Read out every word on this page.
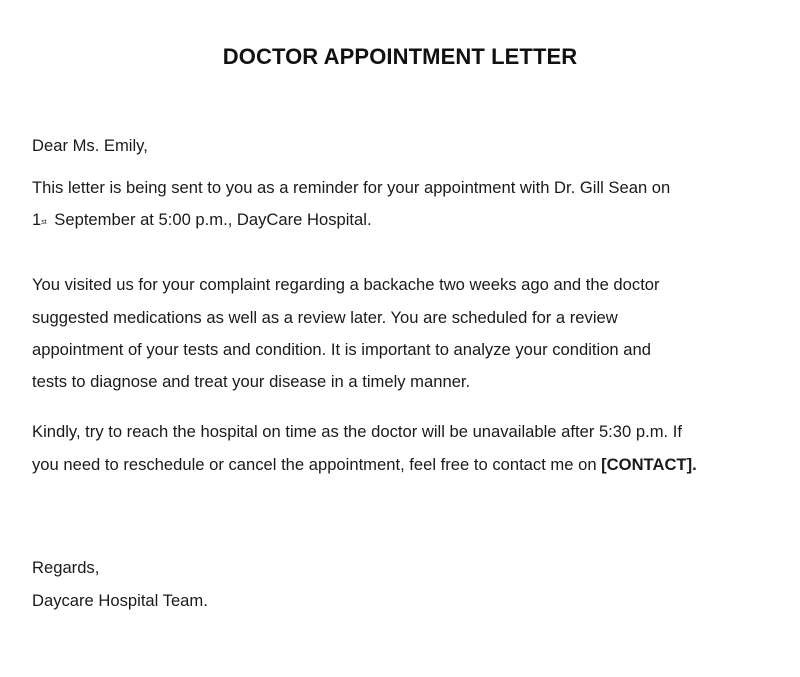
DOCTOR APPOINTMENT LETTER
Dear Ms. Emily,
This letter is being sent to you as a reminder for your appointment with Dr. Gill Sean on
1st September at 5:00 p.m., DayCare Hospital.
You visited us for your complaint regarding a backache two weeks ago and the doctor
suggested medications as well as a review later. You are scheduled for a review
appointment of your tests and condition. It is important to analyze your condition and
tests to diagnose and treat your disease in a timely manner.
Kindly, try to reach the hospital on time as the doctor will be unavailable after 5:30 p.m. If
you need to reschedule or cancel the appointment, feel free to contact me on [CONTACT].
Regards,
Daycare Hospital Team.
